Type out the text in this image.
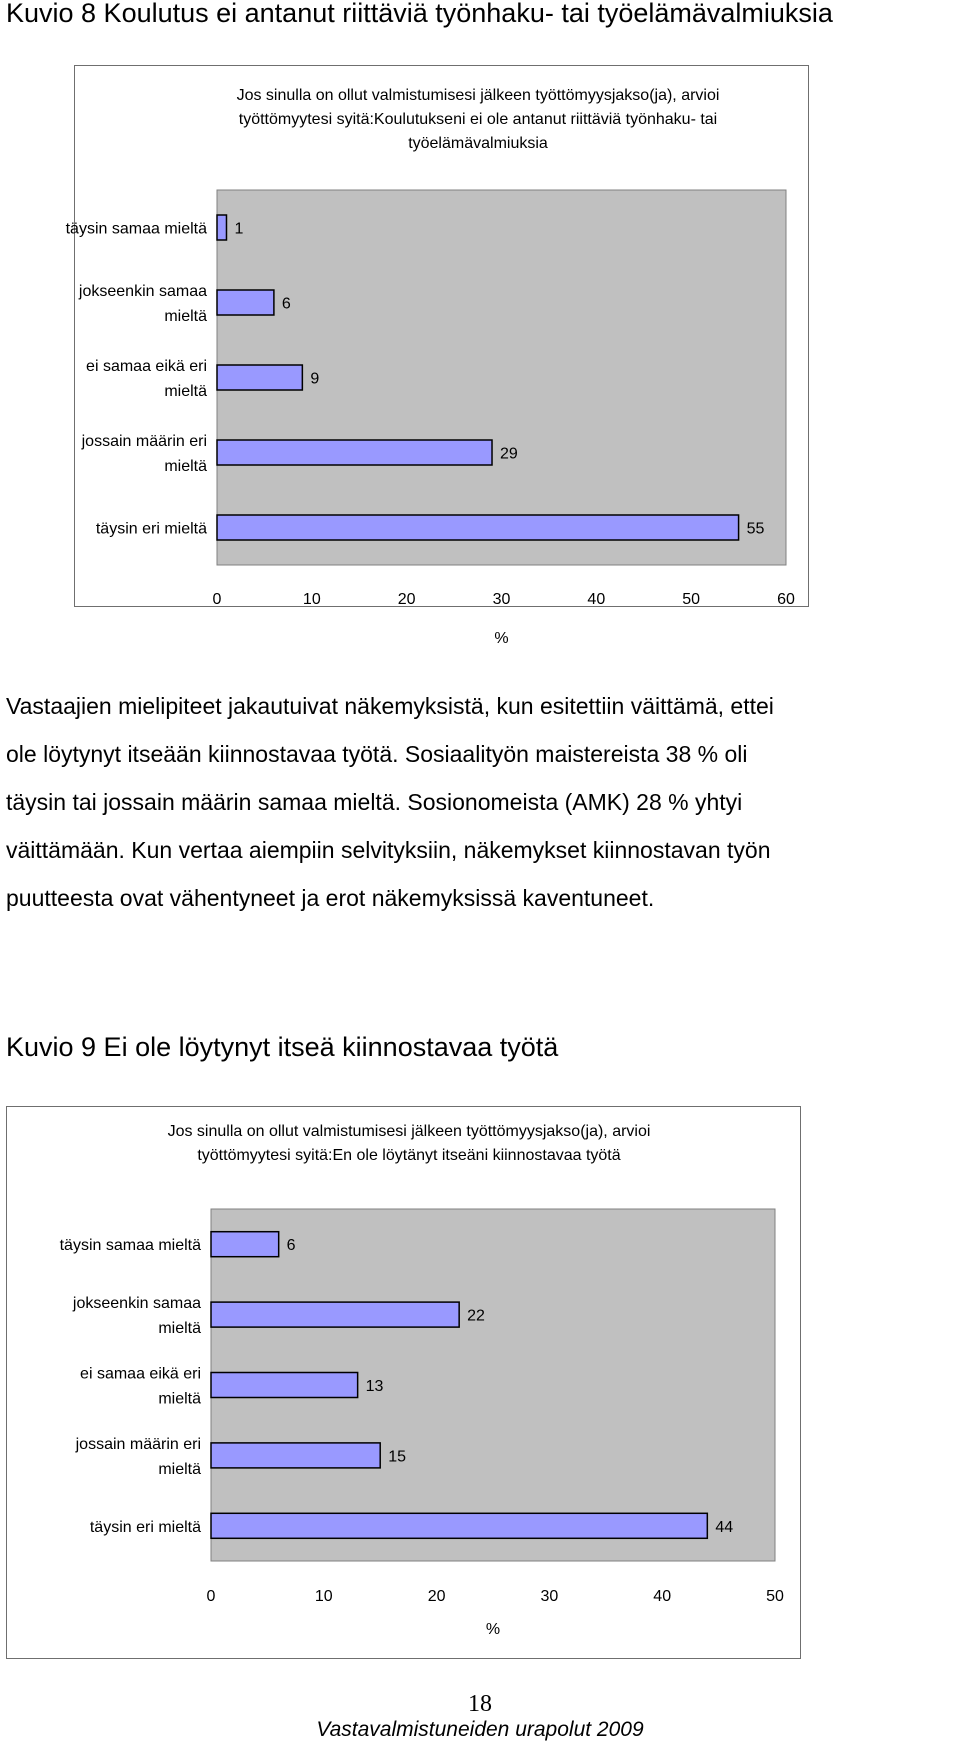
Kuvio 8 Koulutus ei antanut riittäviä työnhaku- tai työelämävalmiuksia
Jos sinulla on ollut valmistumisesi jälkeen työttömyysjakso(ja), arvioi
työttömyytesi syitä:Koulutukseni ei ole antanut riittäviä työnhaku- tai
työelämävalmiuksia
1
täysin samaa mieltä
6
jokseenkin samaa
mieltä
9
ei samaa eikä eri
mieltä
29
jossain määrin eri
mieltä
55
täysin eri mieltä
0	10	20	30	40	50	60
%

Vastaajien mielipiteet jakautuivat näkemyksistä, kun esitettiin väittämä, ettei
ole löytynyt itseään kiinnostavaa työtä. Sosiaalityön maistereista 38 % oli
täysin tai jossain määrin samaa mieltä. Sosionomeista (AMK) 28 % yhtyi
väittämään. Kun vertaa aiempiin selvityksiin, näkemykset kiinnostavan työn
puutteesta ovat vähentyneet ja erot näkemyksissä kaventuneet.

Kuvio 9 Ei ole löytynyt itseä kiinnostavaa työtä
Jos sinulla on ollut valmistumisesi jälkeen työttömyysjakso(ja), arvioi
työttömyytesi syitä:En ole löytänyt itseäni kiinnostavaa työtä
6
täysin samaa mieltä
22
jokseenkin samaa
mieltä
13
ei samaa eikä eri
mieltä
15
jossain määrin eri
mieltä
44
täysin eri mieltä
0	10	20	30	40	50
%
18
Vastavalmistuneiden urapolut 2009
